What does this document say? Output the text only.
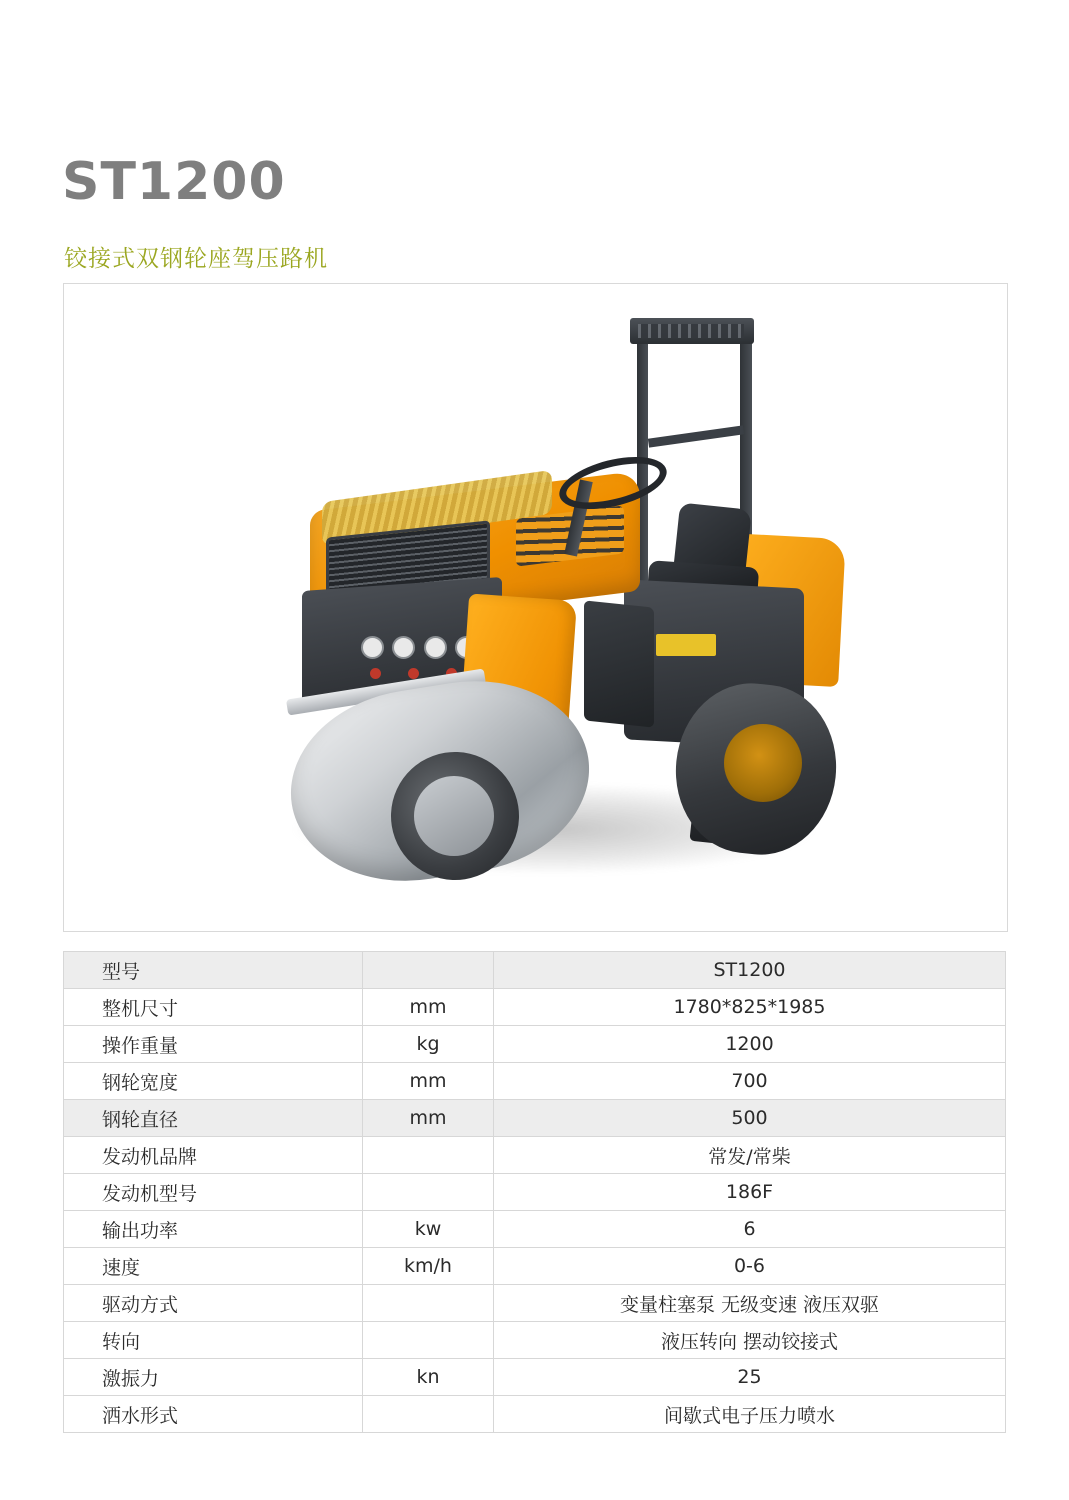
ST1200
铰接式双钢轮座驾压路机
型号		ST1200
整机尺寸	mm	1780*825*1985
操作重量	kg	1200
钢轮宽度	mm	700
钢轮直径	mm	500
发动机品牌		常发/常柴
发动机型号		186F
输出功率	kw	6
速度	km/h	0-6
驱动方式		变量柱塞泵 无级变速 液压双驱
转向		液压转向 摆动铰接式
激振力	kn	25
洒水形式		间歇式电子压力喷水
